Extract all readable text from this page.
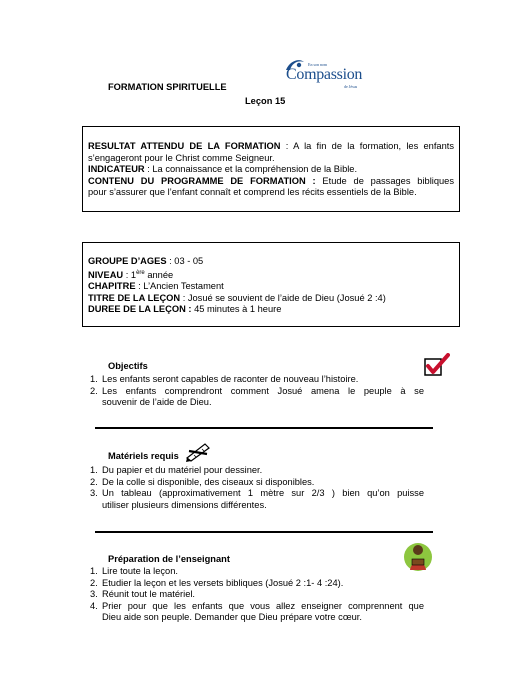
FORMATION SPIRITUELLE
Leçon 15
En son nom
Compassion
de Jésus
RESULTAT ATTENDU DE LA FORMATION : A la fin de la formation, les enfants
s’engageront pour le Christ comme Seigneur.
INDICATEUR : La connaissance et la compréhension de la Bible.
CONTENU DU PROGRAMME DE FORMATION : Etude de passages bibliques
pour s’assurer que l’enfant connaît et comprend les récits essentiels de la Bible.
GROUPE D’AGES : 03 - 05
NIVEAU : 1ère année
CHAPITRE : L’Ancien Testament
TITRE DE LA LEÇON : Josué se souvient de l’aide de Dieu (Josué 2 :4)
DUREE DE LA LEÇON : 45 minutes à 1 heure
Objectifs
1. Les enfants seront capables de raconter de nouveau l’histoire.
2. Les enfants comprendront comment Josué amena le peuple à se
souvenir de l’aide de Dieu.
Matériels requis
1. Du papier et du matériel pour dessiner.
2. De la colle si disponible, des ciseaux si disponibles.
3. Un tableau (approximativement 1 mètre sur 2/3 ) bien qu’on puisse
utiliser plusieurs dimensions différentes.
Préparation de l’enseignant
1. Lire toute la leçon.
2. Etudier la leçon et les versets bibliques (Josué 2 :1- 4 :24).
3. Réunit tout le matériel.
4. Prier pour que les enfants que vous allez enseigner comprennent que
Dieu aide son peuple. Demander que Dieu prépare votre cœur.
